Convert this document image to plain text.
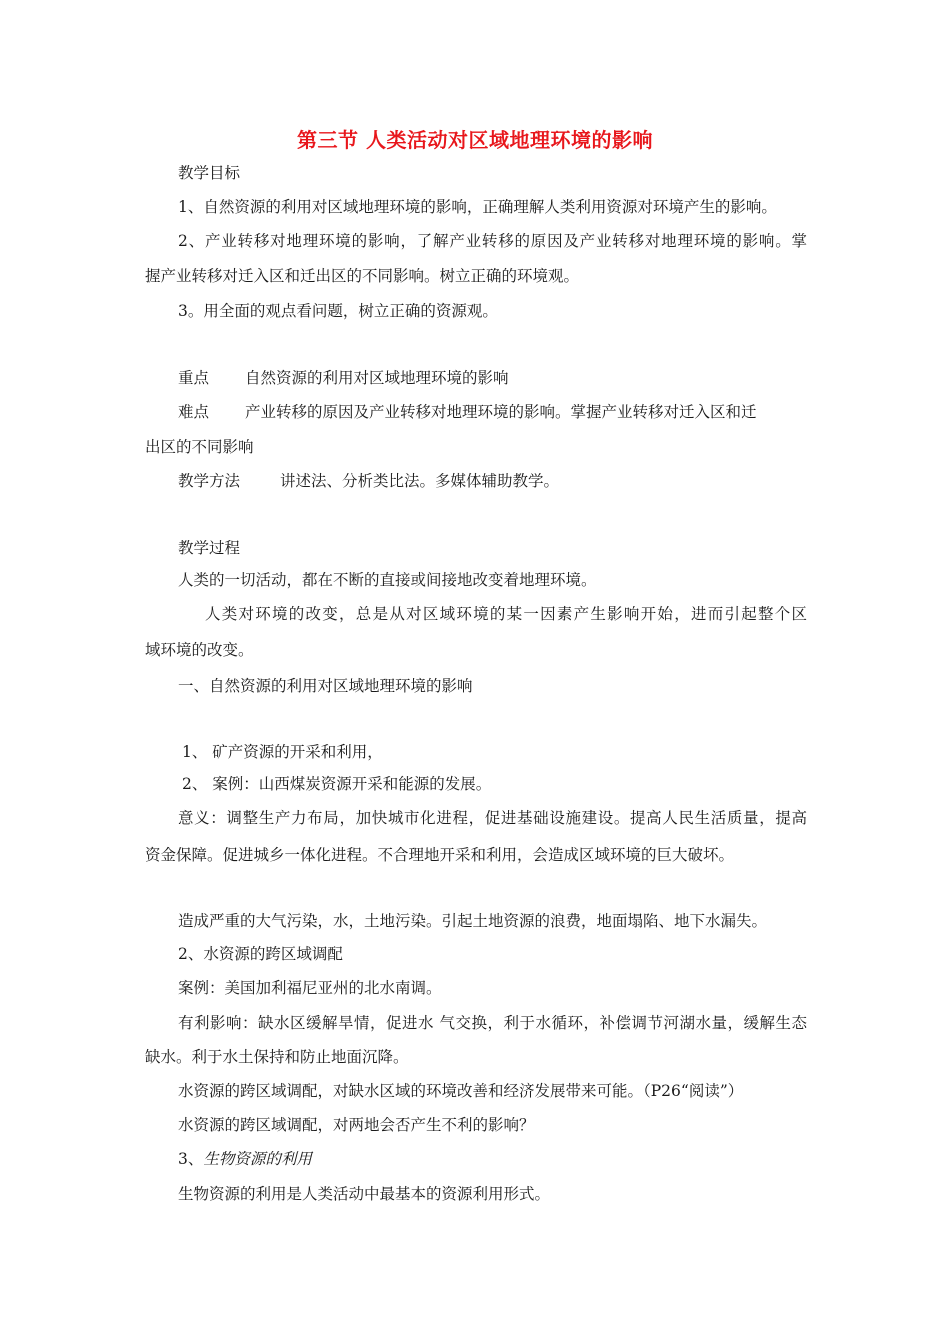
第三节 人类活动对区域地理环境的影响
教学目标
1、自然资源的利用对区域地理环境的影响，正确理解人类利用资源对环境产生的影响。
2、产业转移对地理环境的影响，了解产业转移的原因及产业转移对地理环境的影响。掌
握产业转移对迁入区和迁出区的不同影响。树立正确的环境观。
3。用全面的观点看问题，树立正确的资源观。
重点 自然资源的利用对区域地理环境的影响
难点 产业转移的原因及产业转移对地理环境的影响。掌握产业转移对迁入区和迁
出区的不同影响
教学方法	讲述法、分析类比法。多媒体辅助教学。
教学过程
人类的一切活动，都在不断的直接或间接地改变着地理环境。
人类对环境的改变，总是从对区域环境的某一因素产生影响开始，进而引起整个区
域环境的改变。
一、自然资源的利用对区域地理环境的影响
1、 矿产资源的开采和利用，
2、 案例：山西煤炭资源开采和能源的发展。
意义：调整生产力布局，加快城市化进程，促进基础设施建设。提高人民生活质量，提高
资金保障。促进城乡一体化进程。不合理地开采和利用，会造成区域环境的巨大破坏。
造成严重的大气污染，水，土地污染。引起土地资源的浪费，地面塌陷、地下水漏失。
2、水资源的跨区域调配
案例：美国加利福尼亚州的北水南调。
有利影响：缺水区缓解旱情，促进水 气交换，利于水循环，补偿调节河湖水量，缓解生态
缺水。利于水土保持和防止地面沉降。
水资源的跨区域调配，对缺水区域的环境改善和经济发展带来可能。（P26“阅读”）
水资源的跨区域调配，对两地会否产生不利的影响？
3、生物资源的利用
生物资源的利用是人类活动中最基本的资源利用形式。
